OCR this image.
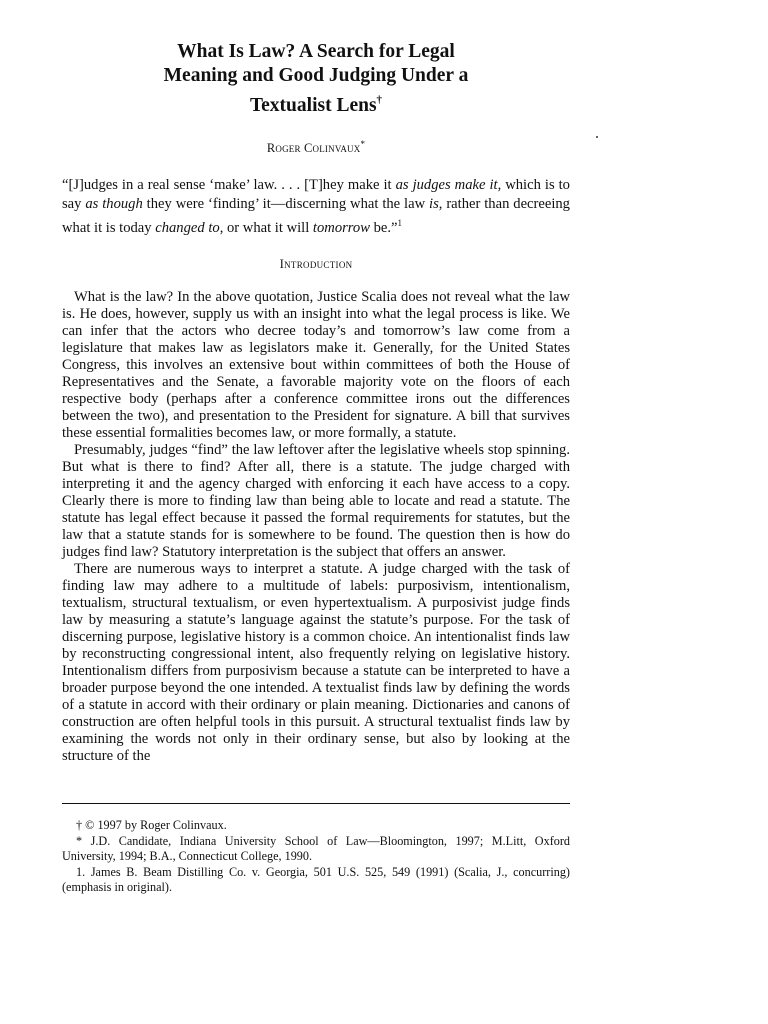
What Is Law? A Search for Legal
Meaning and Good Judging Under a
Textualist Lens†
Roger Colinvaux*
“[J]udges in a real sense ‘make’ law. . . . [T]hey make it as judges make it, which is to say as though they were ‘finding’ it—discerning what the law is, rather than decreeing what it is today changed to, or what it will tomorrow be.”$^1$
Introduction

What is the law? In the above quotation, Justice Scalia does not reveal what the law is. He does, however, supply us with an insight into what the legal process is like. We can infer that the actors who decree today’s and tomorrow’s law come from a legislature that makes law as legislators make it. Generally, for the United States Congress, this involves an extensive bout within committees of both the House of Representatives and the Senate, a favorable majority vote on the floors of each respective body (perhaps after a conference committee irons out the differences between the two), and presentation to the President for signature. A bill that survives these essential formalities becomes law, or more formally, a statute.

Presumably, judges “find” the law leftover after the legislative wheels stop spinning. But what is there to find? After all, there is a statute. The judge charged with interpreting it and the agency charged with enforcing it each have access to a copy. Clearly there is more to finding law than being able to locate and read a statute. The statute has legal effect because it passed the formal requirements for statutes, but the law that a statute stands for is somewhere to be found. The question then is how do judges find law? Statutory interpretation is the subject that offers an answer.

There are numerous ways to interpret a statute. A judge charged with the task of finding law may adhere to a multitude of labels: purposivism, intentionalism, textualism, structural textualism, or even hypertextualism. A purposivist judge finds law by measuring a statute’s language against the statute’s purpose. For the task of discerning purpose, legislative history is a common choice. An intentionalist finds law by reconstructing congressional intent, also frequently relying on legislative history. Intentionalism differs from purposivism because a statute can be interpreted to have a broader purpose beyond the one intended. A textualist finds law by defining the words of a statute in accord with their ordinary or plain meaning. Dictionaries and canons of construction are often helpful tools in this pursuit. A structural textualist finds law by examining the words not only in their ordinary sense, but also by looking at the structure of the

† © 1997 by Roger Colinvaux.

* J.D. Candidate, Indiana University School of Law—Bloomington, 1997; M.Litt, Oxford University, 1994; B.A., Connecticut College, 1990.

1. James B. Beam Distilling Co. v. Georgia, 501 U.S. 525, 549 (1991) (Scalia, J., concurring) (emphasis in original).
